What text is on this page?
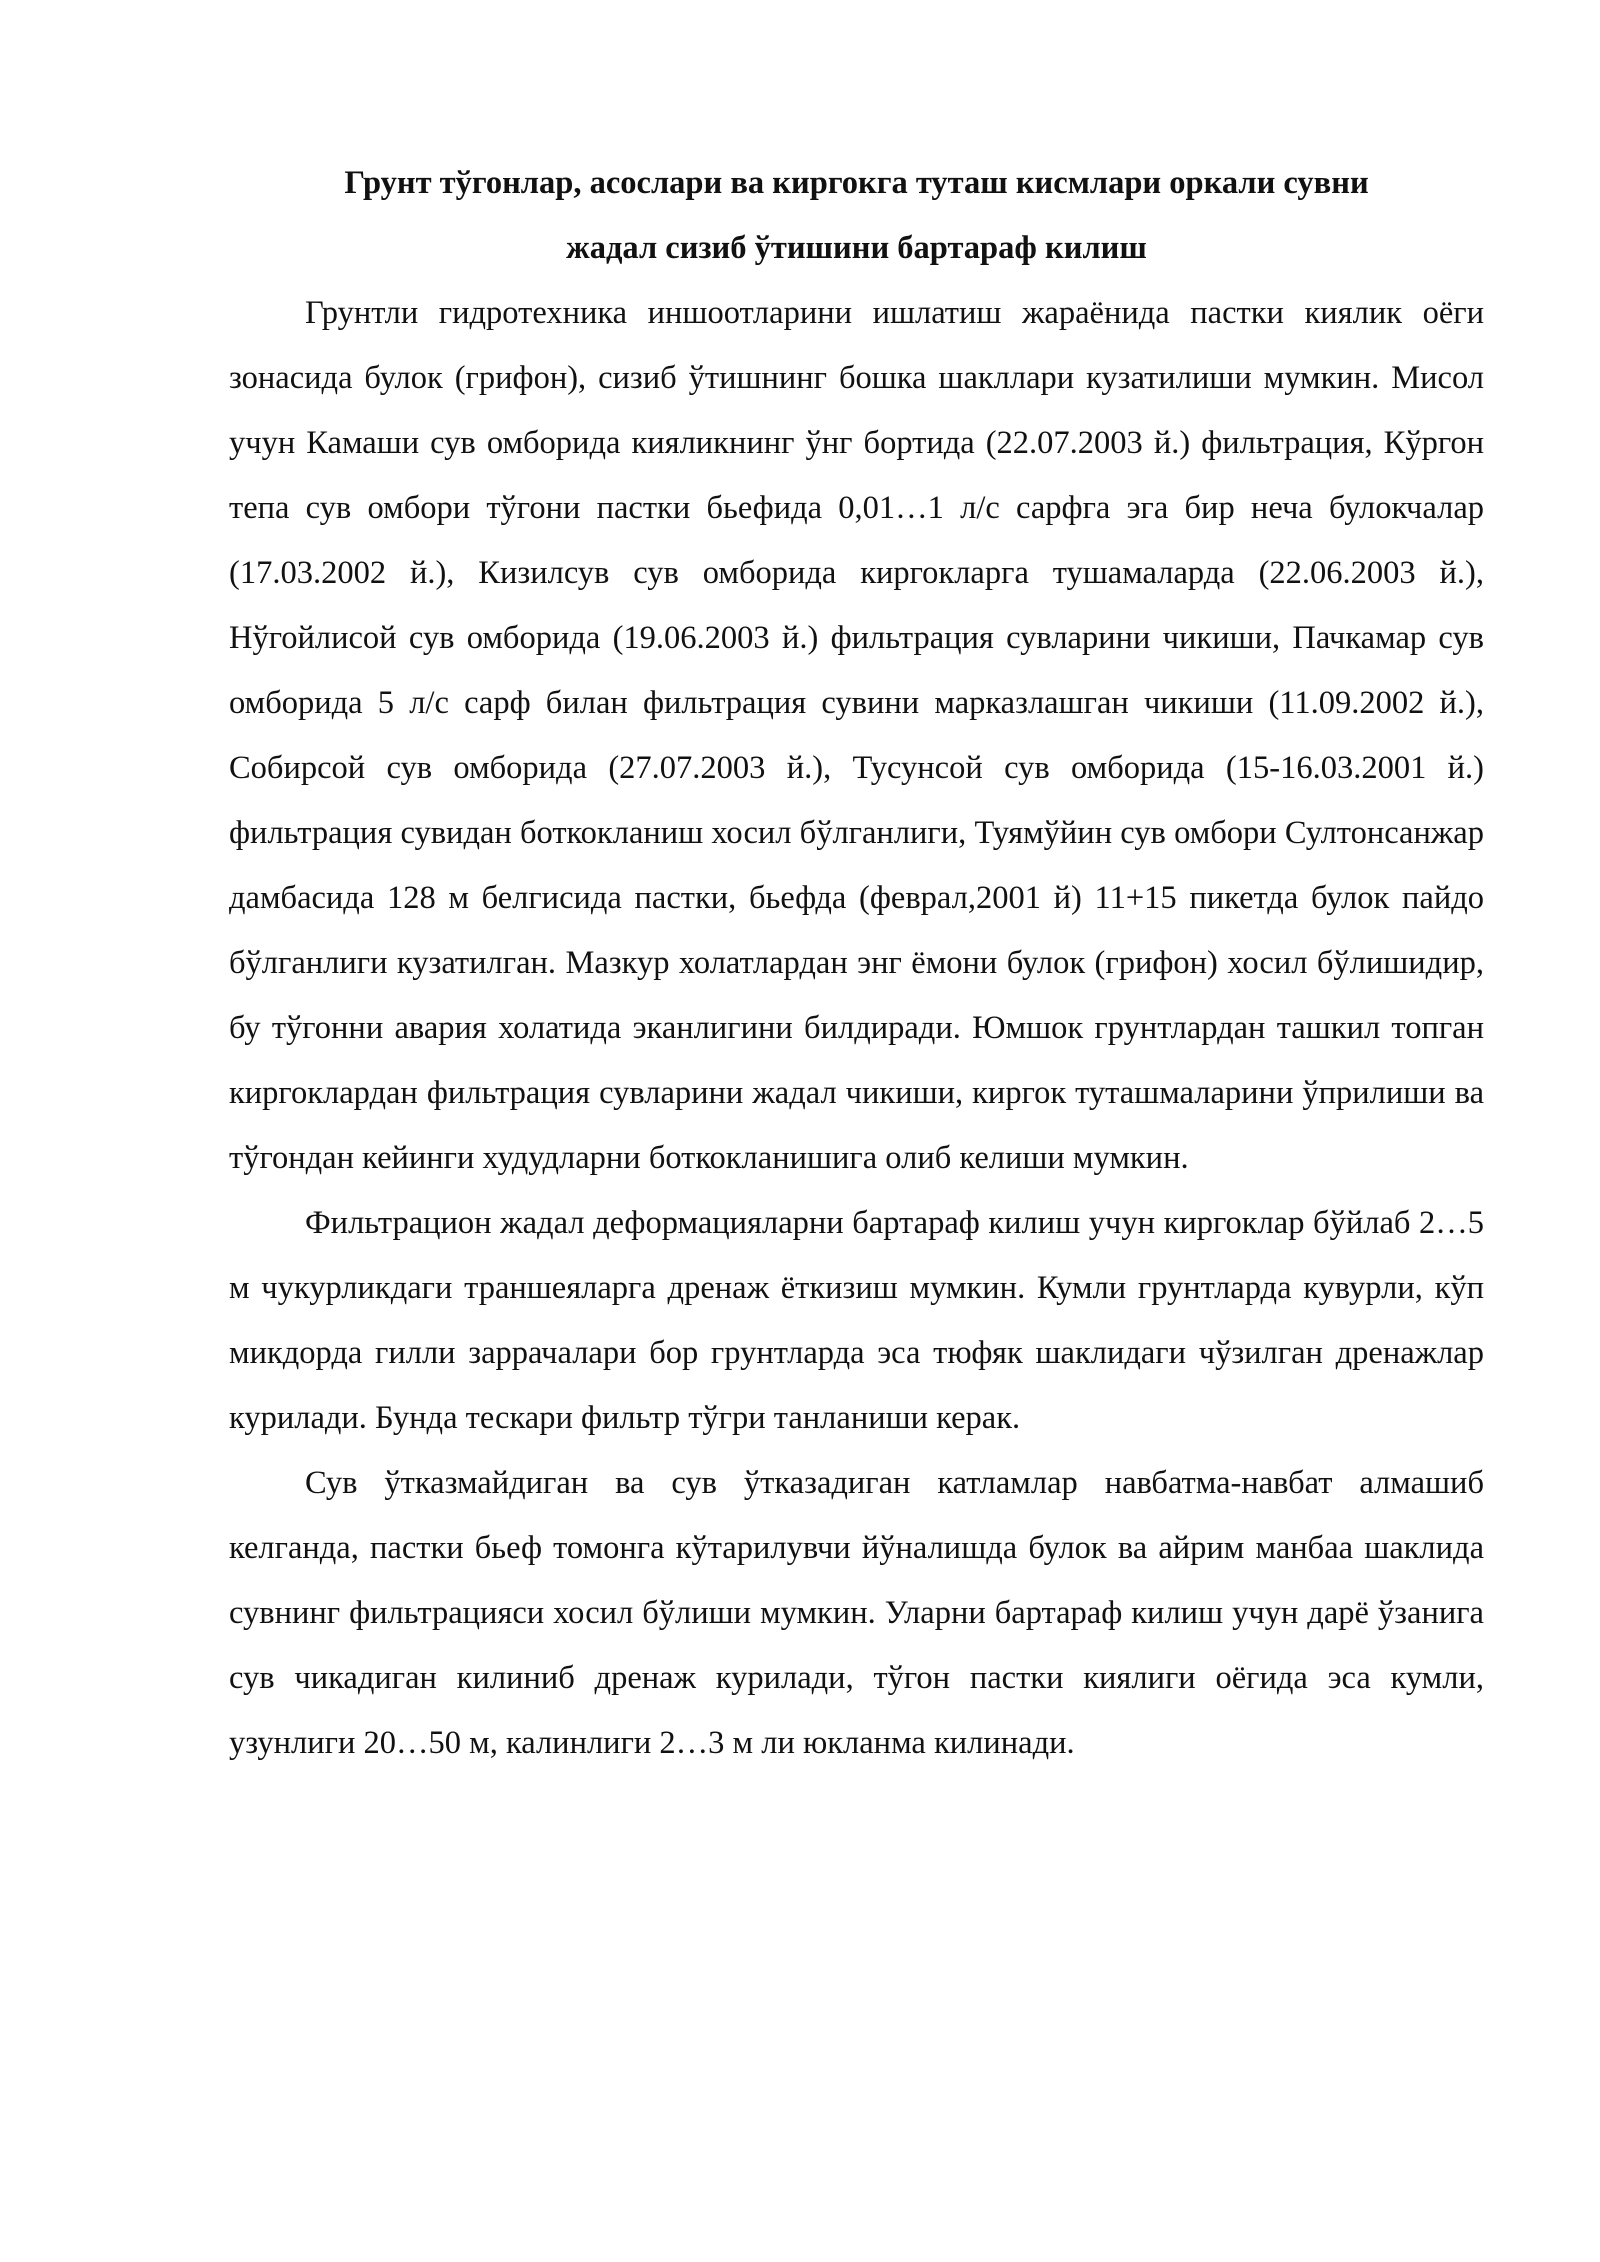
Грунт тўгонлар, асослари ва киргокга туташ кисмлари оркали сувни
жадал сизиб ўтишини бартараф килиш

Грунтли гидротехника иншоотларини ишлатиш жараёнида пастки киялик оёги зонасида булок (грифон), сизиб ўтишнинг бошка шакллари кузатилиши мумкин. Мисол учун Камаши сув омборида кияликнинг ўнг бортида (22.07.2003 й.) фильтрация, Кўргон тепа сув омбори тўгони пастки бьефида 0,01…1 л/с сарфга эга бир неча булокчалар (17.03.2002 й.), Кизилсув сув омборида киргокларга тушамаларда (22.06.2003 й.), Нўгойлисой сув омборида (19.06.2003 й.) фильтрация сувларини чикиши, Пачкамар сув омборида 5 л/с сарф билан фильтрация сувини марказлашган чикиши (11.09.2002 й.), Собирсой сув омборида (27.07.2003 й.), Тусунсой сув омборида (15-16.03.2001 й.) фильтрация сувидан боткокланиш хосил бўлганлиги, Туямўйин сув омбори Султонсанжар дамбасида 128 м белгисида пастки, бьефда (феврал,2001 й) 11+15 пикетда булок пайдо бўлганлиги кузатилган. Мазкур холатлардан энг ёмони булок (грифон) хосил бўлишидир, бу тўгонни авария холатида эканлигини билдиради. Юмшок грунтлардан ташкил топган киргоклардан фильтрация сувларини жадал чикиши, киргок туташмаларини ўприлиши ва тўгондан кейинги худудларни боткокланишига олиб келиши мумкин.

Фильтрацион жадал деформацияларни бартараф килиш учун киргоклар бўйлаб 2…5 м чукурликдаги траншеяларга дренаж ёткизиш мумкин. Кумли грунтларда кувурли, кўп микдорда гилли заррачалари бор грунтларда эса тюфяк шаклидаги чўзилган дренажлар курилади. Бунда тескари фильтр тўгри танланиши керак.

Сув ўтказмайдиган ва сув ўтказадиган катламлар навбатма-навбат алмашиб келганда, пастки бьеф томонга кўтарилувчи йўналишда булок ва айрим манбаа шаклида сувнинг фильтрацияси хосил бўлиши мумкин. Уларни бартараф килиш учун дарё ўзанига сув чикадиган килиниб дренаж курилади, тўгон пастки киялиги оёгида эса кумли, узунлиги 20…50 м, калинлиги 2…3 м ли юкланма килинади.
